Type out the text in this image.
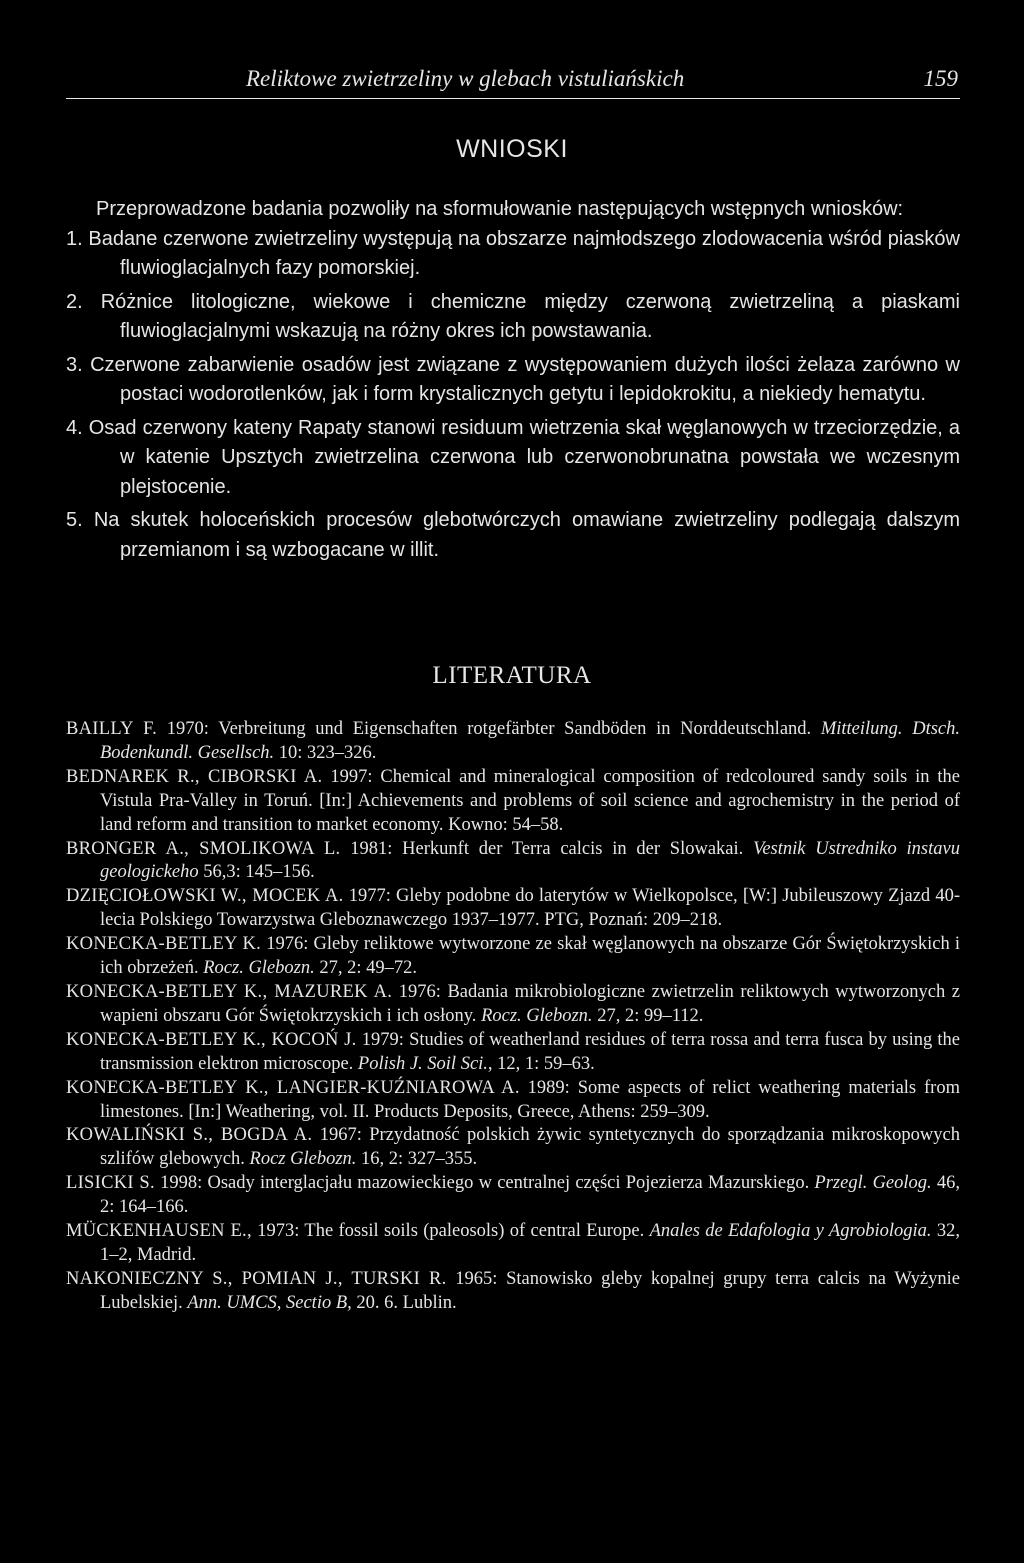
Reliktowe zwietrzeliny w glebach vistuliańskich	159
WNIOSKI

Przeprowadzone badania pozwoliły na sformułowanie następujących wstępnych wniosków:

1. Badane czerwone zwietrzeliny występują na obszarze najmłodszego zlodowacenia wśród piasków fluwioglacjalnych fazy pomorskiej.

2. Różnice litologiczne, wiekowe i chemiczne między czerwoną zwietrzeliną a piaskami fluwioglacjalnymi wskazują na różny okres ich powstawania.

3. Czerwone zabarwienie osadów jest związane z występowaniem dużych ilości żelaza zarówno w postaci wodorotlenków, jak i form krystalicznych getytu i lepidokrokitu, a niekiedy hematytu.

4. Osad czerwony kateny Rapaty stanowi residuum wietrzenia skał węglanowych w trzeciorzędzie, a w katenie Upsztych zwietrzelina czerwona lub czerwonobrunatna powstała we wczesnym plejstocenie.

5. Na skutek holoceńskich procesów glebotwórczych omawiane zwietrzeliny podlegają dalszym przemianom i są wzbogacane w illit.

LITERATURA

BAILLY F. 1970: Verbreitung und Eigenschaften rotgefärbter Sandböden in Norddeutschland. Mitteilung. Dtsch. Bodenkundl. Gesellsch. 10: 323–326.

BEDNAREK R., CIBORSKI A. 1997: Chemical and mineralogical composition of redcoloured sandy soils in the Vistula Pra-Valley in Toruń. [In:] Achievements and problems of soil science and agrochemistry in the period of land reform and transition to market economy. Kowno: 54–58.

BRONGER A., SMOLIKOWA L. 1981: Herkunft der Terra calcis in der Slowakai. Vestnik Ustredniko instavu geologickeho 56,3: 145–156.

DZIĘCIOŁOWSKI W., MOCEK A. 1977: Gleby podobne do laterytów w Wielkopolsce, [W:] Jubileuszowy Zjazd 40-lecia Polskiego Towarzystwa Gleboznawczego 1937–1977. PTG, Poznań: 209–218.

KONECKA-BETLEY K. 1976: Gleby reliktowe wytworzone ze skał węglanowych na obszarze Gór Świętokrzyskich i ich obrzeżeń. Rocz. Glebozn. 27, 2: 49–72.

KONECKA-BETLEY K., MAZUREK A. 1976: Badania mikrobiologiczne zwietrzelin reliktowych wytworzonych z wapieni obszaru Gór Świętokrzyskich i ich osłony. Rocz. Glebozn. 27, 2: 99–112.

KONECKA-BETLEY K., KOCOŃ J. 1979: Studies of weatherland residues of terra rossa and terra fusca by using the transmission elektron microscope. Polish J. Soil Sci., 12, 1: 59–63.

KONECKA-BETLEY K., LANGIER-KUŹNIAROWA A. 1989: Some aspects of relict weathering materials from limestones. [In:] Weathering, vol. II. Products Deposits, Greece, Athens: 259–309.

KOWALIŃSKI S., BOGDA A. 1967: Przydatność polskich żywic syntetycznych do sporządzania mikroskopowych szlifów glebowych. Rocz Glebozn. 16, 2: 327–355.

LISICKI S. 1998: Osady interglacjału mazowieckiego w centralnej części Pojezierza Mazurskiego. Przegl. Geolog. 46, 2: 164–166.

MÜCKENHAUSEN E., 1973: The fossil soils (paleosols) of central Europe. Anales de Edafologia y Agrobiologia. 32, 1–2, Madrid.

NAKONIECZNY S., POMIAN J., TURSKI R. 1965: Stanowisko gleby kopalnej grupy terra calcis na Wyżynie Lubelskiej. Ann. UMCS, Sectio B, 20. 6. Lublin.
